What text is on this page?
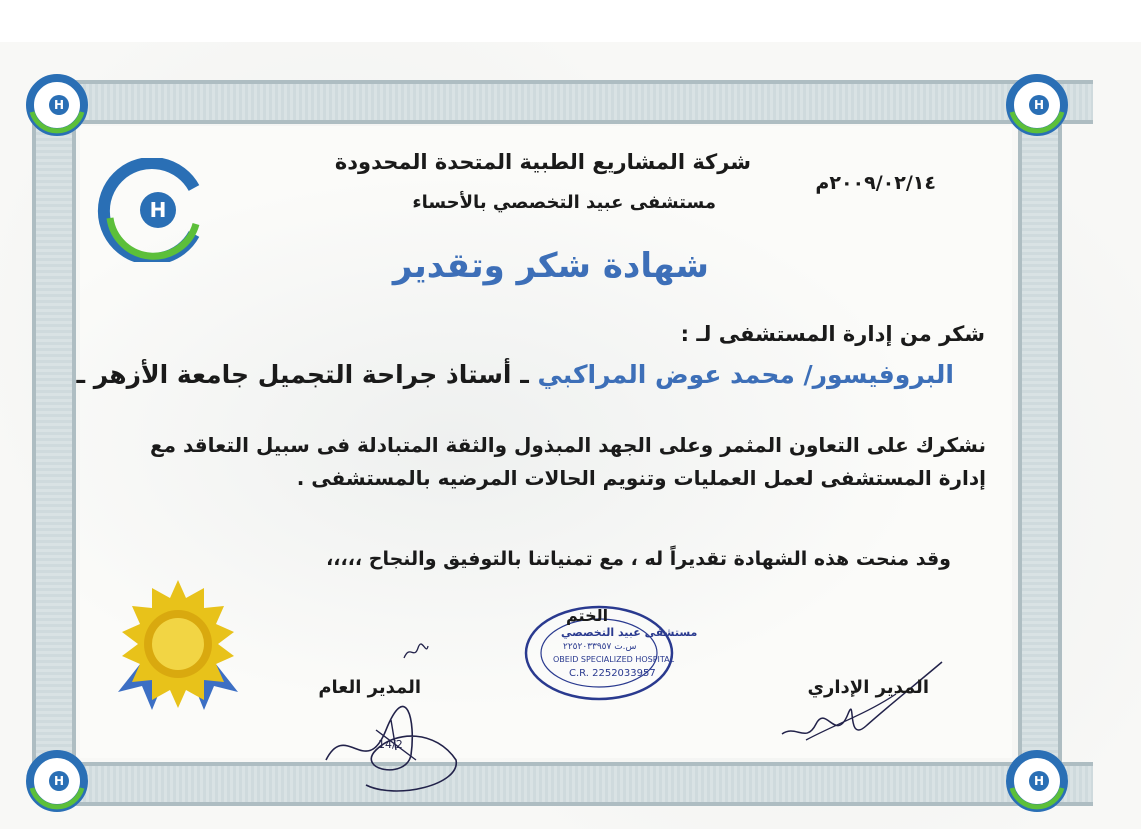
H	H
H	H
H
شركة المشاريع الطبية المتحدة المحدودة
مستشفى عبيد التخصصي بالأحساء
٢٠٠٩/٠٢/١٤م
شهادة شكر وتقدير
شكر من إدارة المستشفى لـ :
البروفيسور/ محمد عوض المراكبي ـ أستاذ جراحة التجميل جامعة الأزهر ـ
نشكرك على التعاون المثمر وعلى الجهد المبذول والثقة المتبادلة فى سبيل التعاقد مع
إدارة المستشفى لعمل العمليات وتنويم الحالات المرضيه بالمستشفى .
وقد منحت هذه الشهادة تقديراً له ، مع تمنياتنا بالتوفيق والنجاح ،،،،،
14/2
المدير العام	المدير الإداري
مستشفى عبيد التخصصي
س.ت ٢٢٥٢٠٣٣٩٥٧
OBEID SPECIALIZED HOSPITAL
C.R. 2252033957
الختم
